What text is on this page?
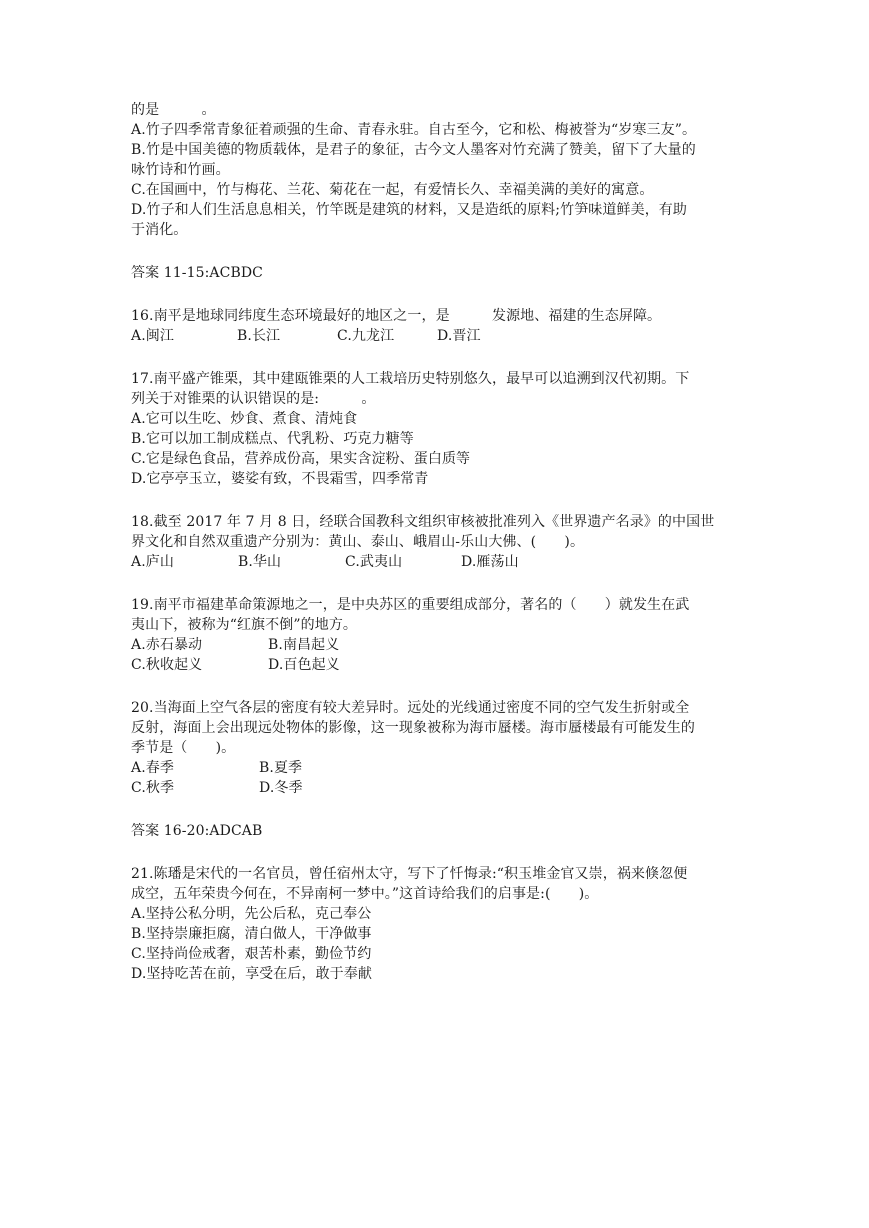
的是　　　。
A.竹子四季常青象征着顽强的生命、青春永驻。自古至今，它和松、梅被誉为“岁寒三友”。
B.竹是中国美德的物质载体，是君子的象征，古今文人墨客对竹充满了赞美，留下了大量的
咏竹诗和竹画。
C.在国画中，竹与梅花、兰花、菊花在一起，有爱情长久、幸福美满的美好的寓意。
D.竹子和人们生活息息相关，竹竿既是建筑的材料，又是造纸的原料;竹笋味道鲜美，有助
于消化。
答案 11-15:ACBDC
16.南平是地球同纬度生态环境最好的地区之一，是　　　发源地、福建的生态屏障。
A.闽江	B.长江	C.九龙江	D.晋江
17.南平盛产锥栗，其中建瓯锥栗的人工栽培历史特别悠久，最早可以追溯到汉代初期。下
列关于对锥栗的认识错误的是:　　　。
A.它可以生吃、炒食、煮食、清炖食
B.它可以加工制成糕点、代乳粉、巧克力糖等
C.它是绿色食品，营养成份高，果实含淀粉、蛋白质等
D.它亭亭玉立，婆娑有致，不畏霜雪，四季常青
18.截至 2017 年 7 月 8 日，经联合国教科文组织审核被批准列入《世界遗产名录》的中国世
界文化和自然双重遗产分别为：黄山、泰山、峨眉山-乐山大佛、(　　)。
A.庐山	B.华山	C.武夷山	D.雁荡山
19.南平市福建革命策源地之一，是中央苏区的重要组成部分，著名的（　　）就发生在武
夷山下，被称为“红旗不倒”的地方。
A.赤石暴动	B.南昌起义
C.秋收起义	D.百色起义
20.当海面上空气各层的密度有较大差异时。远处的光线通过密度不同的空气发生折射或全
反射，海面上会出现远处物体的影像，这一现象被称为海市蜃楼。海市蜃楼最有可能发生的
季节是（　　)。
A.春季	B.夏季
C.秋季	D.冬季
答案 16-20:ADCAB
21.陈璠是宋代的一名官员，曾任宿州太守，写下了忏悔录:“积玉堆金官又崇，祸来倏忽便
成空，五年荣贵今何在，不异南柯一梦中。”这首诗给我们的启事是:(　　)。
A.坚持公私分明，先公后私，克己奉公
B.坚持崇廉拒腐，清白做人，干净做事
C.坚持尚俭戒奢，艰苦朴素，勤俭节约
D.坚持吃苦在前，享受在后，敢于奉献
